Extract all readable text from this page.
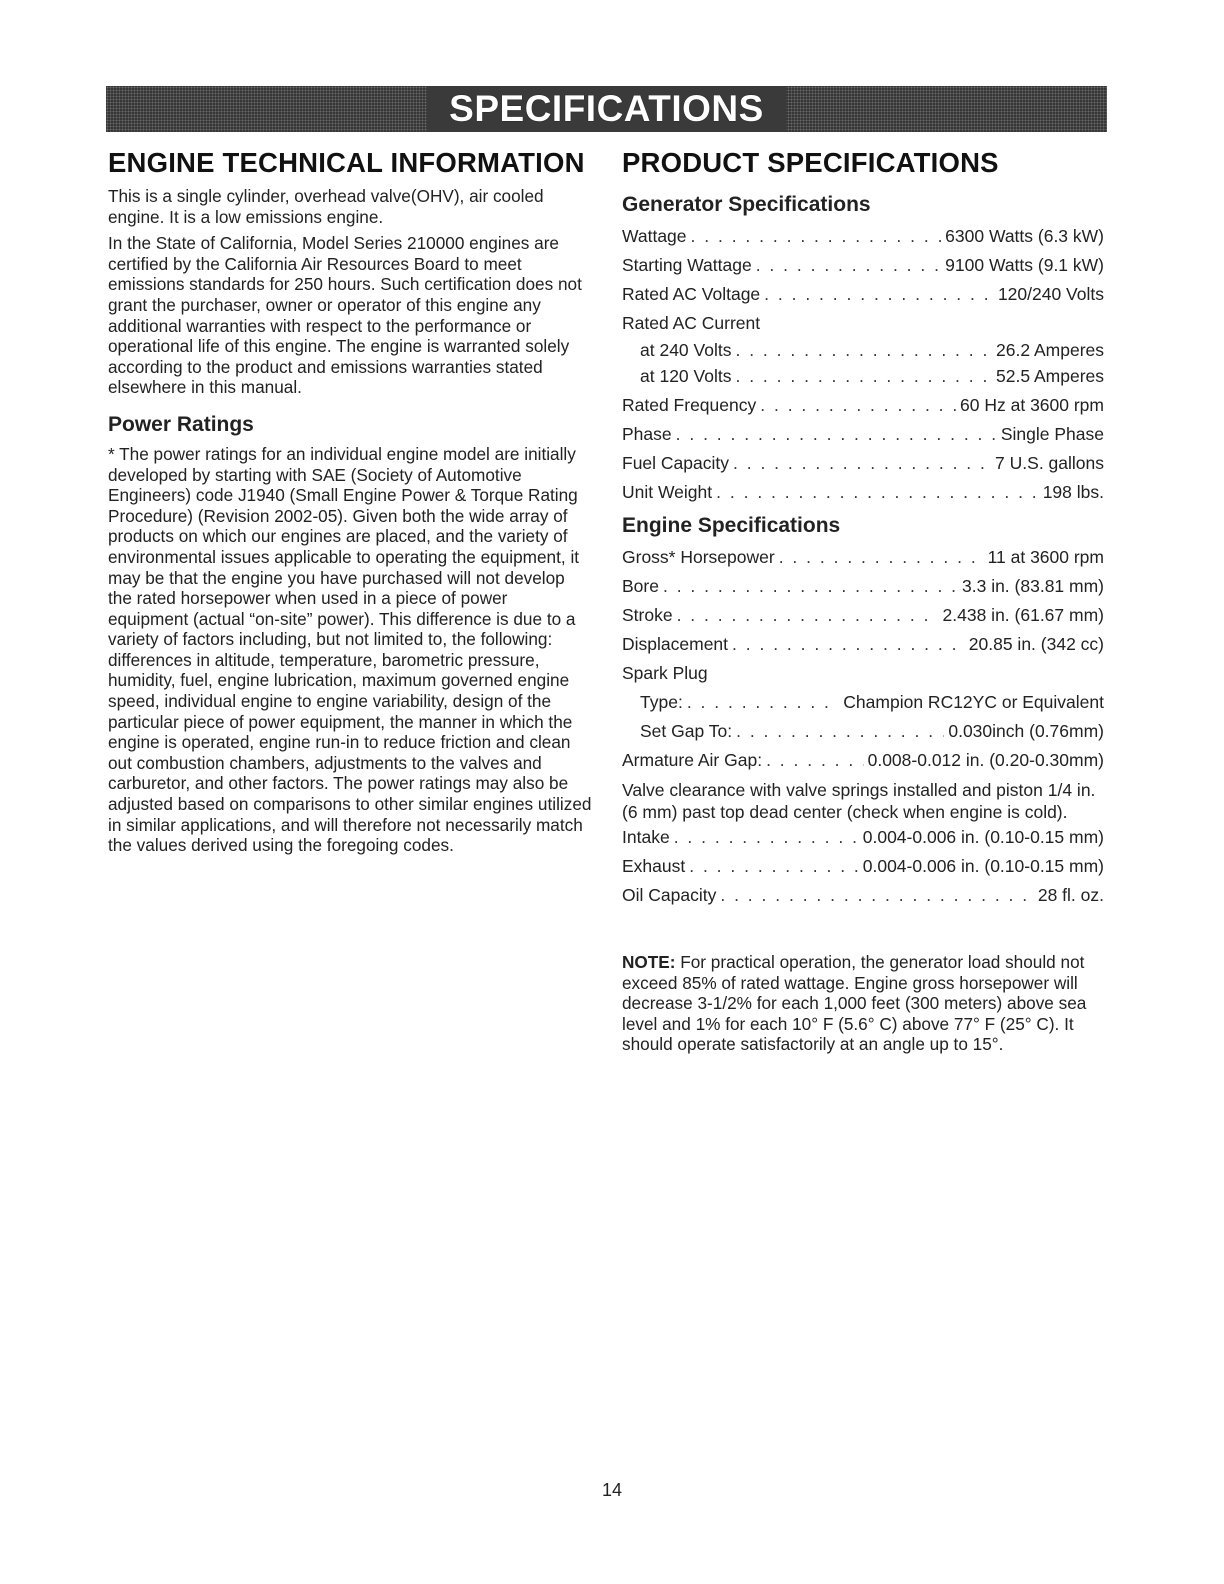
SPECIFICATIONS
ENGINE TECHNICAL INFORMATION

This is a single cylinder, overhead valve(OHV), air cooled engine. It is a low emissions engine.

In the State of California, Model Series 210000 engines are certified by the California Air Resources Board to meet emissions standards for 250 hours. Such certification does not grant the purchaser, owner or operator of this engine any additional warranties with respect to the performance or operational life of this engine. The engine is warranted solely according to the product and emissions warranties stated elsewhere in this manual.

Power Ratings

* The power ratings for an individual engine model are initially developed by starting with SAE (Society of Automotive Engineers) code J1940 (Small Engine Power & Torque Rating Procedure) (Revision 2002-05). Given both the wide array of products on which our engines are placed, and the variety of environmental issues applicable to operating the equipment, it may be that the engine you have purchased will not develop the rated horsepower when used in a piece of power equipment (actual “on-site” power). This difference is due to a variety of factors including, but not limited to, the following: differences in altitude, temperature, barometric pressure, humidity, fuel, engine lubrication, maximum governed engine speed, individual engine to engine variability, design of the particular piece of power equipment, the manner in which the engine is operated, engine run-in to reduce friction and clean out combustion chambers, adjustments to the valves and carburetor, and other factors. The power ratings may also be adjusted based on comparisons to other similar engines utilized in similar applications, and will therefore not necessarily match the values derived using the foregoing codes.

PRODUCT SPECIFICATIONS
Generator Specifications
Wattage . . .	6300 Watts (6.3 kW)
Starting Wattage . . .	9100 Watts (9.1 kW)
Rated AC Voltage . . .	120/240 Volts
Rated AC Current
at 240 Volts . . .	26.2 Amperes
at 120 Volts . . .	52.5 Amperes
Rated Frequency . . .	60 Hz at 3600 rpm
Phase . . .	Single Phase
Fuel Capacity . . .	7 U.S. gallons
Unit Weight . . .	198 lbs.
Engine Specifications
Gross* Horsepower . . .	11 at 3600 rpm
Bore . . .	3.3 in. (83.81 mm)
Stroke . . .	2.438 in. (61.67 mm)
Displacement . . .	20.85 in. (342 cc)
Spark Plug
Type: . . .	Champion RC12YC or Equivalent
Set Gap To: . . .	0.030inch (0.76mm)
Armature Air Gap: . . .	0.008-0.012 in. (0.20-0.30mm)
Valve clearance with valve springs installed and piston 1/4 in. (6 mm) past top dead center (check when engine is cold).
Intake . . .	0.004-0.006 in. (0.10-0.15 mm)
Exhaust . . .	0.004-0.006 in. (0.10-0.15 mm)
Oil Capacity . . .	28 fl. oz.

NOTE: For practical operation, the generator load should not exceed 85% of rated wattage. Engine gross horsepower will decrease 3-1/2% for each 1,000 feet (300 meters) above sea level and 1% for each 10° F (5.6° C) above 77° F (25° C). It should operate satisfactorily at an angle up to 15°.

14
